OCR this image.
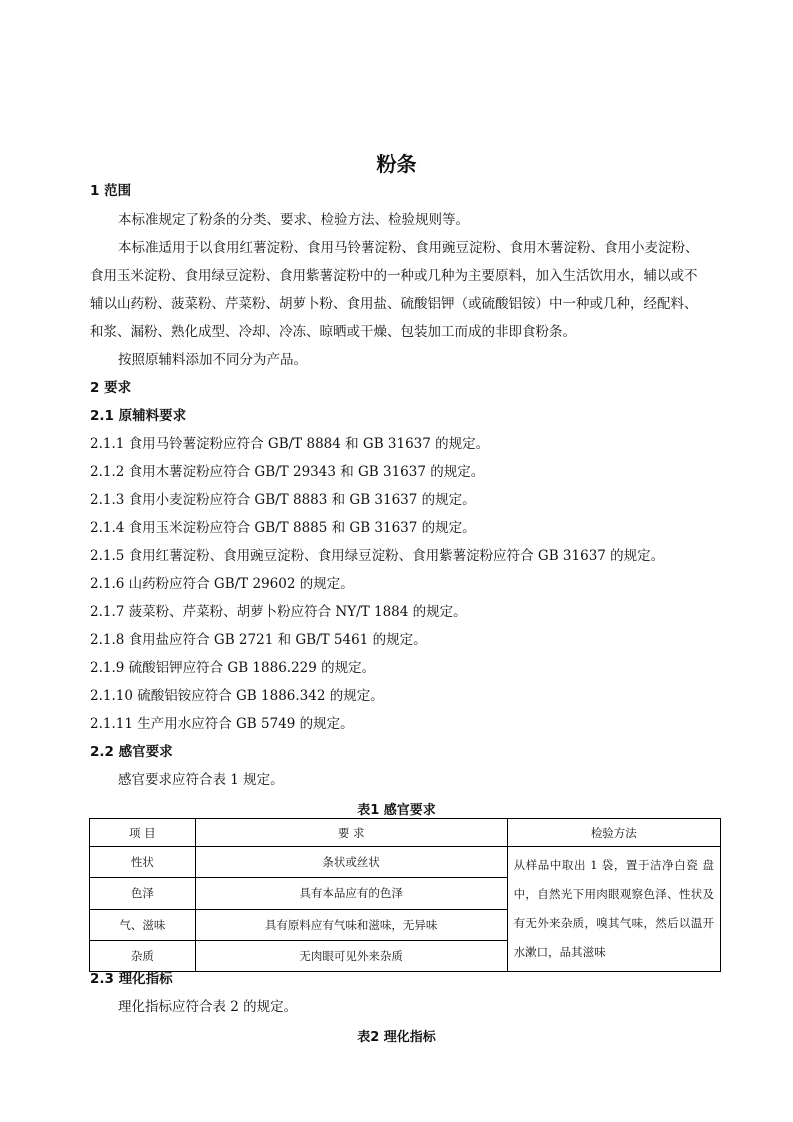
粉条
1 范围
本标准规定了粉条的分类、要求、检验方法、检验规则等。
本标准适用于以食用红薯淀粉、食用马铃薯淀粉、食用豌豆淀粉、食用木薯淀粉、食用小麦淀粉、
食用玉米淀粉、食用绿豆淀粉、食用紫薯淀粉中的一种或几种为主要原料，加入生活饮用水，辅以或不
辅以山药粉、菠菜粉、芹菜粉、胡萝卜粉、食用盐、硫酸铝钾（或硫酸铝铵）中一种或几种，经配料、
和浆、漏粉、熟化成型、冷却、冷冻、晾晒或干燥、包装加工而成的非即食粉条。
按照原辅料添加不同分为产品。
2 要求
2.1 原辅料要求
2.1.1 食用马铃薯淀粉应符合 GB/T 8884 和 GB 31637 的规定。
2.1.2 食用木薯淀粉应符合 GB/T 29343 和 GB 31637 的规定。
2.1.3 食用小麦淀粉应符合 GB/T 8883 和 GB 31637 的规定。
2.1.4 食用玉米淀粉应符合 GB/T 8885 和 GB 31637 的规定。
2.1.5 食用红薯淀粉、食用豌豆淀粉、食用绿豆淀粉、食用紫薯淀粉应符合 GB 31637 的规定。
2.1.6 山药粉应符合 GB/T 29602 的规定。
2.1.7 菠菜粉、芹菜粉、胡萝卜粉应符合 NY/T 1884 的规定。
2.1.8 食用盐应符合 GB 2721 和 GB/T 5461 的规定。
2.1.9 硫酸铝钾应符合 GB 1886.229 的规定。
2.1.10 硫酸铝铵应符合 GB 1886.342 的规定。
2.1.11 生产用水应符合 GB 5749 的规定。
2.2 感官要求
感官要求应符合表 1 规定。
表1 感官要求
项 目	要 求	检验方法
性状	条状或丝状	从样品中取出 1 袋，置于洁净白瓷 盘中，自然光下用肉眼观察色泽、性状及有无外来杂质，嗅其气味，然后以温开水漱口，品其滋味
色泽	具有本品应有的色泽	
气、滋味	具有原料应有气味和滋味，无异味	
杂质	无肉眼可见外来杂质	
2.3 理化指标
理化指标应符合表 2 的规定。
表2 理化指标
